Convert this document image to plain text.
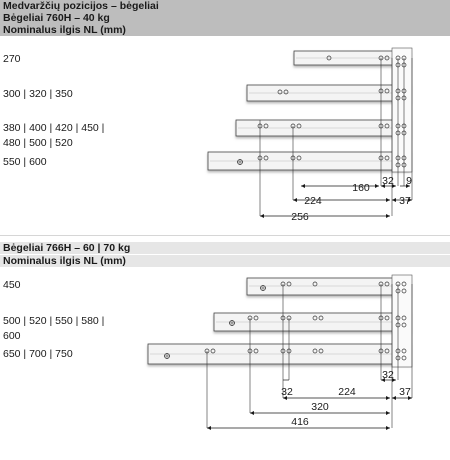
Medvaržčių pozicijos – bėgeliai
Bėgeliai 760H – 40 kg
Nominalus ilgis NL (mm)
270
300 | 320 | 350
380 | 400 | 420 | 450 |
480 | 500 | 520
550 | 600
Bėgeliai 766H – 60 | 70 kg
Nominalus ilgis NL (mm)
450
500 | 520 | 550 | 580 |
600
650 | 700 | 750
160
32 9
224	37
256
32
32
224	37
320
416
